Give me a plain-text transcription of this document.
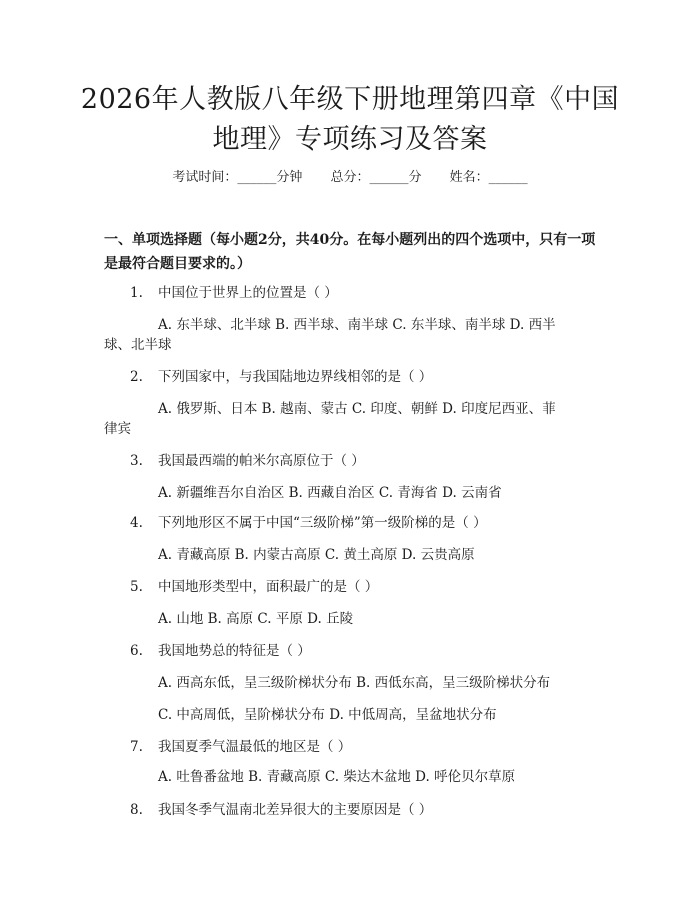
2026年人教版八年级下册地理第四章《中国
地理》专项练习及答案
考试时间：______分钟 总分：______分 姓名：______
一、单项选择题（每小题2分，共40分。在每小题列出的四个选项中，只有一项
是最符合题目要求的。）
1. 中国位于世界上的位置是（ ）
A. 东半球、北半球 B. 西半球、南半球 C. 东半球、南半球 D. 西半
球、北半球
2. 下列国家中，与我国陆地边界线相邻的是（ ）
A. 俄罗斯、日本 B. 越南、蒙古 C. 印度、朝鲜 D. 印度尼西亚、菲
律宾
3. 我国最西端的帕米尔高原位于（ ）
A. 新疆维吾尔自治区 B. 西藏自治区 C. 青海省 D. 云南省
4. 下列地形区不属于中国“三级阶梯”第一级阶梯的是（ ）
A. 青藏高原 B. 内蒙古高原 C. 黄土高原 D. 云贵高原
5. 中国地形类型中，面积最广的是（ ）
A. 山地 B. 高原 C. 平原 D. 丘陵
6. 我国地势总的特征是（ ）
A. 西高东低，呈三级阶梯状分布 B. 西低东高，呈三级阶梯状分布
C. 中高周低，呈阶梯状分布 D. 中低周高，呈盆地状分布
7. 我国夏季气温最低的地区是（ ）
A. 吐鲁番盆地 B. 青藏高原 C. 柴达木盆地 D. 呼伦贝尔草原
8. 我国冬季气温南北差异很大的主要原因是（ ）
